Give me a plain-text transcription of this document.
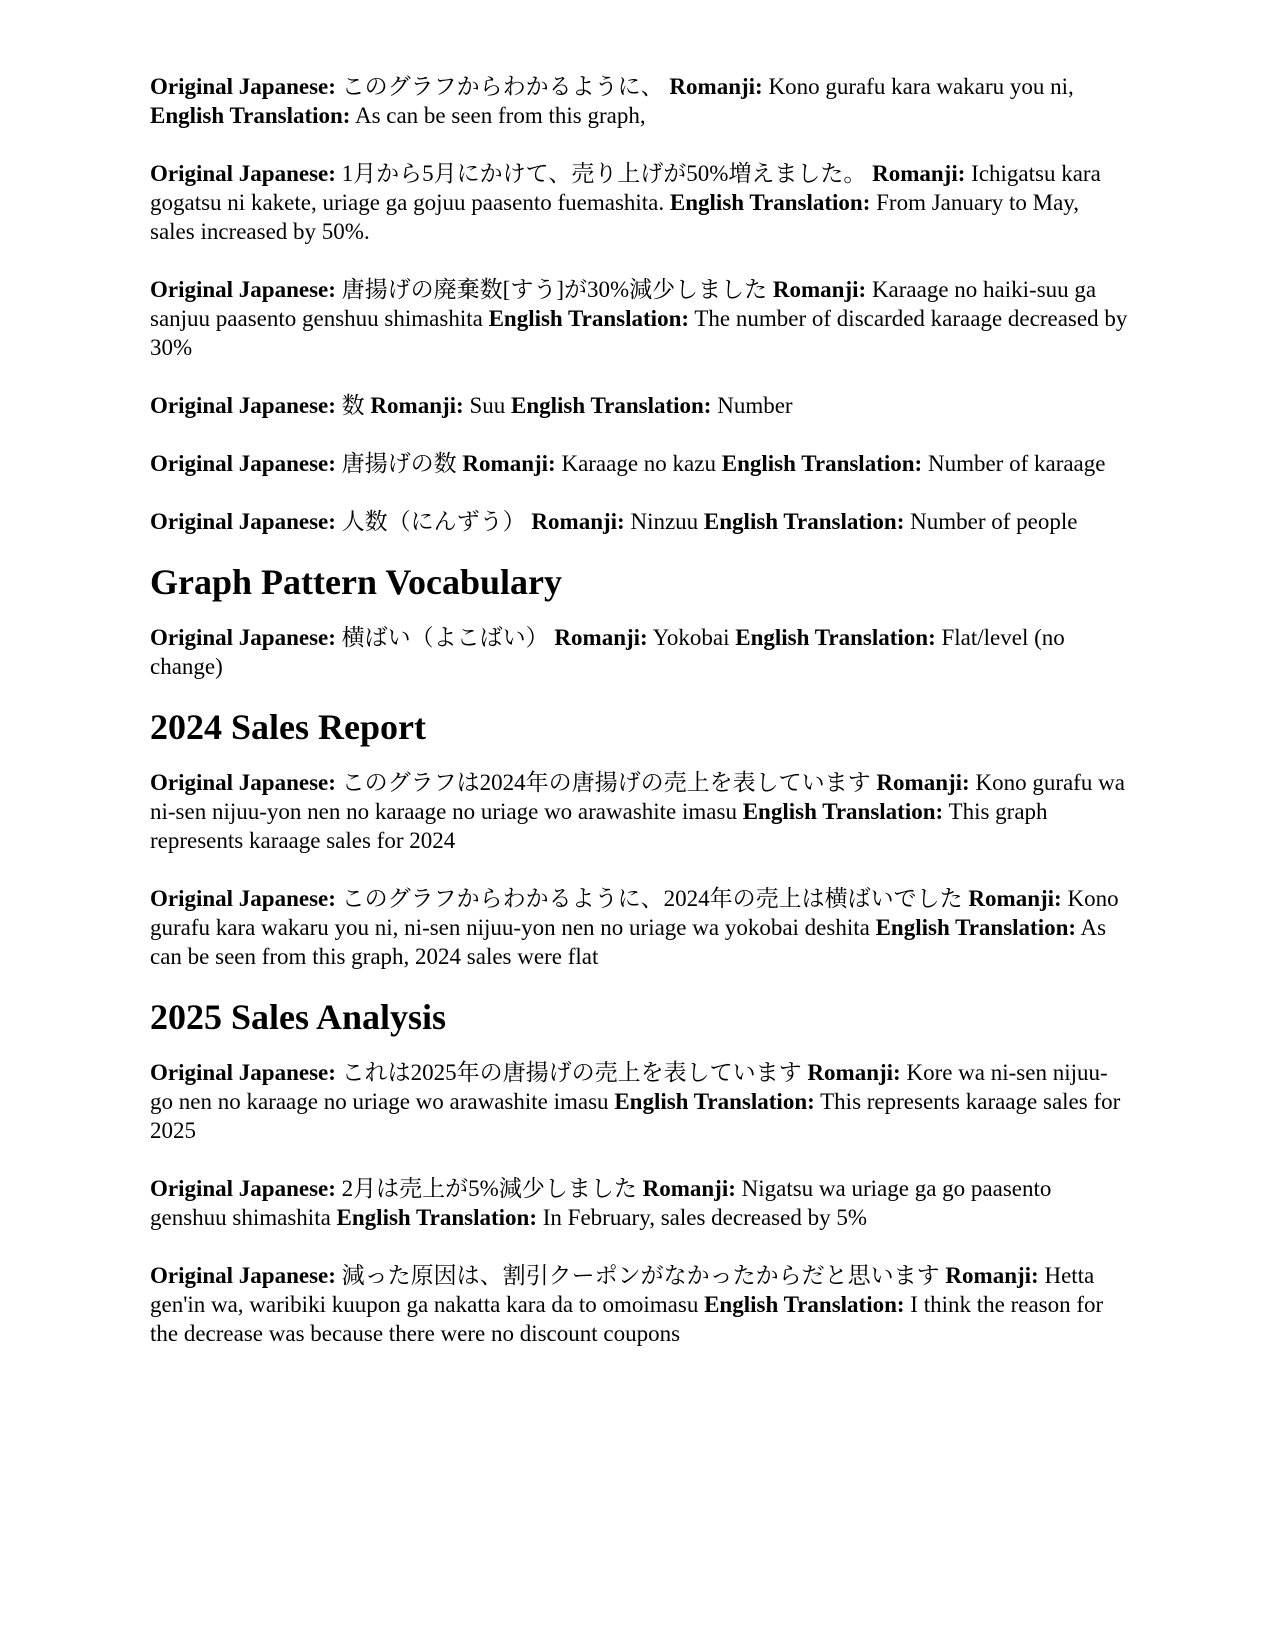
Original Japanese: このグラフからわかるように、 Romanji: Kono gurafu kara wakaru you ni, English Translation: As can be seen from this graph,

Original Japanese: 1月から5月にかけて、売り上げが50%増えました。 Romanji: Ichigatsu kara gogatsu ni kakete, uriage ga gojuu paasento fuemashita. English Translation: From January to May, sales increased by 50%.

Original Japanese: 唐揚げの廃棄数[すう]が30%減少しました Romanji: Karaage no haiki-suu ga sanjuu paasento genshuu shimashita English Translation: The number of discarded karaage decreased by 30%

Original Japanese: 数 Romanji: Suu English Translation: Number

Original Japanese: 唐揚げの数 Romanji: Karaage no kazu English Translation: Number of karaage

Original Japanese: 人数（にんずう） Romanji: Ninzuu English Translation: Number of people

Graph Pattern Vocabulary

Original Japanese: 横ばい（よこばい） Romanji: Yokobai English Translation: Flat/level (no change)

2024 Sales Report

Original Japanese: このグラフは2024年の唐揚げの売上を表しています Romanji: Kono gurafu wa ni-sen nijuu-yon nen no karaage no uriage wo arawashite imasu English Translation: This graph represents karaage sales for 2024

Original Japanese: このグラフからわかるように、2024年の売上は横ばいでした Romanji: Kono gurafu kara wakaru you ni, ni-sen nijuu-yon nen no uriage wa yokobai deshita English Translation: As can be seen from this graph, 2024 sales were flat

2025 Sales Analysis

Original Japanese: これは2025年の唐揚げの売上を表しています Romanji: Kore wa ni-sen nijuu-go nen no karaage no uriage wo arawashite imasu English Translation: This represents karaage sales for 2025

Original Japanese: 2月は売上が5%減少しました Romanji: Nigatsu wa uriage ga go paasento genshuu shimashita English Translation: In February, sales decreased by 5%

Original Japanese: 減った原因は、割引クーポンがなかったからだと思います Romanji: Hetta gen'in wa, waribiki kuupon ga nakatta kara da to omoimasu English Translation: I think the reason for the decrease was because there were no discount coupons
